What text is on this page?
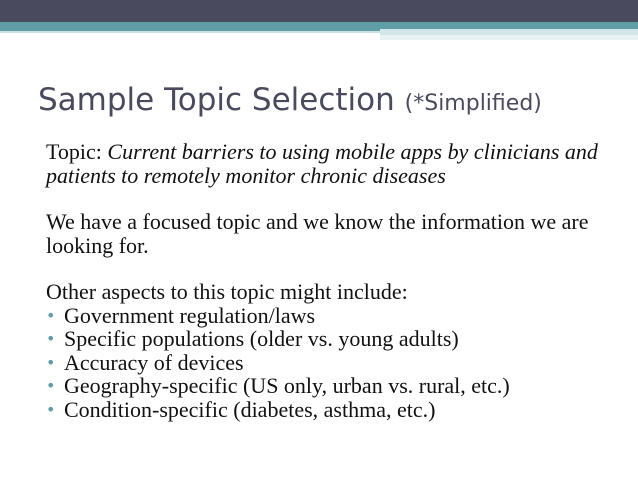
Sample Topic Selection (*Simplified)

Topic: Current barriers to using mobile apps by clinicians and patients to remotely monitor chronic diseases

We have a focused topic and we know the information we are looking for.

Other aspects to this topic might include:

• Government regulation/laws
• Specific populations (older vs. young adults)
• Accuracy of devices
• Geography-specific (US only, urban vs. rural, etc.)
• Condition-specific (diabetes, asthma, etc.)
